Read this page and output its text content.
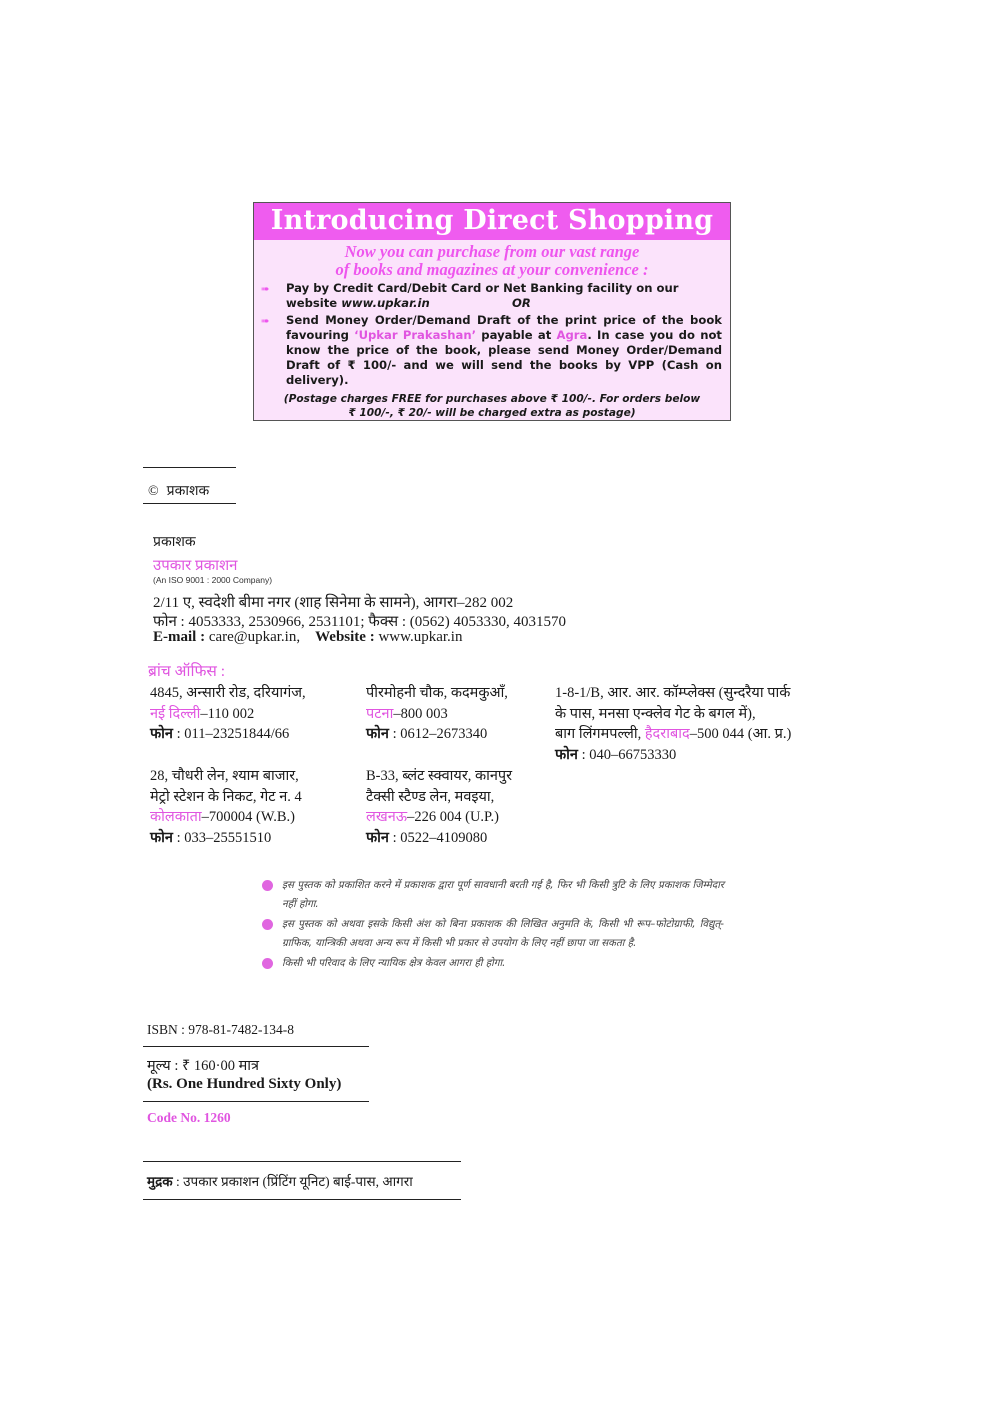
Introducing Direct Shopping
Now you can purchase from our vast range
of books and magazines at your convenience :
➠ Pay by Credit Card/Debit Card or Net Banking facility on our
website www.upkar.in	OR
➠ Send Money Order/Demand Draft of the print price of the book favouring ‘Upkar Prakashan’ payable at Agra. In case you do not know the price of the book, please send Money Order/Demand Draft of ₹ 100/- and we will send the books by VPP (Cash on delivery).
(Postage charges FREE for purchases above ₹ 100/-. For orders below
₹ 100/-, ₹ 20/- will be charged extra as postage)
© प्रकाशक
प्रकाशक
उपकार प्रकाशन
(An ISO 9001 : 2000 Company)
2/11 ए, स्वदेशी बीमा नगर (शाह सिनेमा के सामने), आगरा–282 002
फोन : 4053333, 2530966, 2531101; फैक्स : (0562) 4053330, 4031570
E-mail : care@upkar.in, Website : www.upkar.in
ब्रांच ऑफिस :
4845, अन्सारी रोड, दरियागंज,
नई दिल्ली–110 002
फोन : 011–23251844/66
पीरमोहनी चौक, कदमकुआँ,
पटना–800 003
फोन : 0612–2673340
1-8-1/B, आर. आर. कॉम्प्लेक्स (सुन्दरैया पार्क
के पास, मनसा एन्क्लेव गेट के बगल में),
बाग लिंगमपल्ली, हैदराबाद–500 044 (आ. प्र.)
फोन : 040–66753330
28, चौधरी लेन, श्याम बाजार,
मेट्रो स्टेशन के निकट, गेट न. 4
कोलकाता–700004 (W.B.)
फोन : 033–25551510
B-33, ब्लंट स्क्वायर, कानपुर
टैक्सी स्टैण्ड लेन, मवइया,
लखनऊ–226 004 (U.P.)
फोन : 0522–4109080
इस पुस्तक को प्रकाशित करने में प्रकाशक द्वारा पूर्ण सावधानी बरती गई है, फिर भी किसी त्रुटि के लिए प्रकाशक जिम्मेदार नहीं होगा.
इस पुस्तक को अथवा इसके किसी अंश को बिना प्रकाशक की लिखित अनुमति के, किसी भी रूप–फोटोग्राफी, विद्युत्-ग्राफिक, यान्त्रिकी अथवा अन्य रूप में किसी भी प्रकार से उपयोग के लिए नहीं छापा जा सकता है.
किसी भी परिवाद के लिए न्यायिक क्षेत्र केवल आगरा ही होगा.
ISBN : 978-81-7482-134-8
मूल्य : ₹ 160·00 मात्र
(Rs. One Hundred Sixty Only)
Code No. 1260
मुद्रक : उपकार प्रकाशन (प्रिंटिंग यूनिट) बाई-पास, आगरा
